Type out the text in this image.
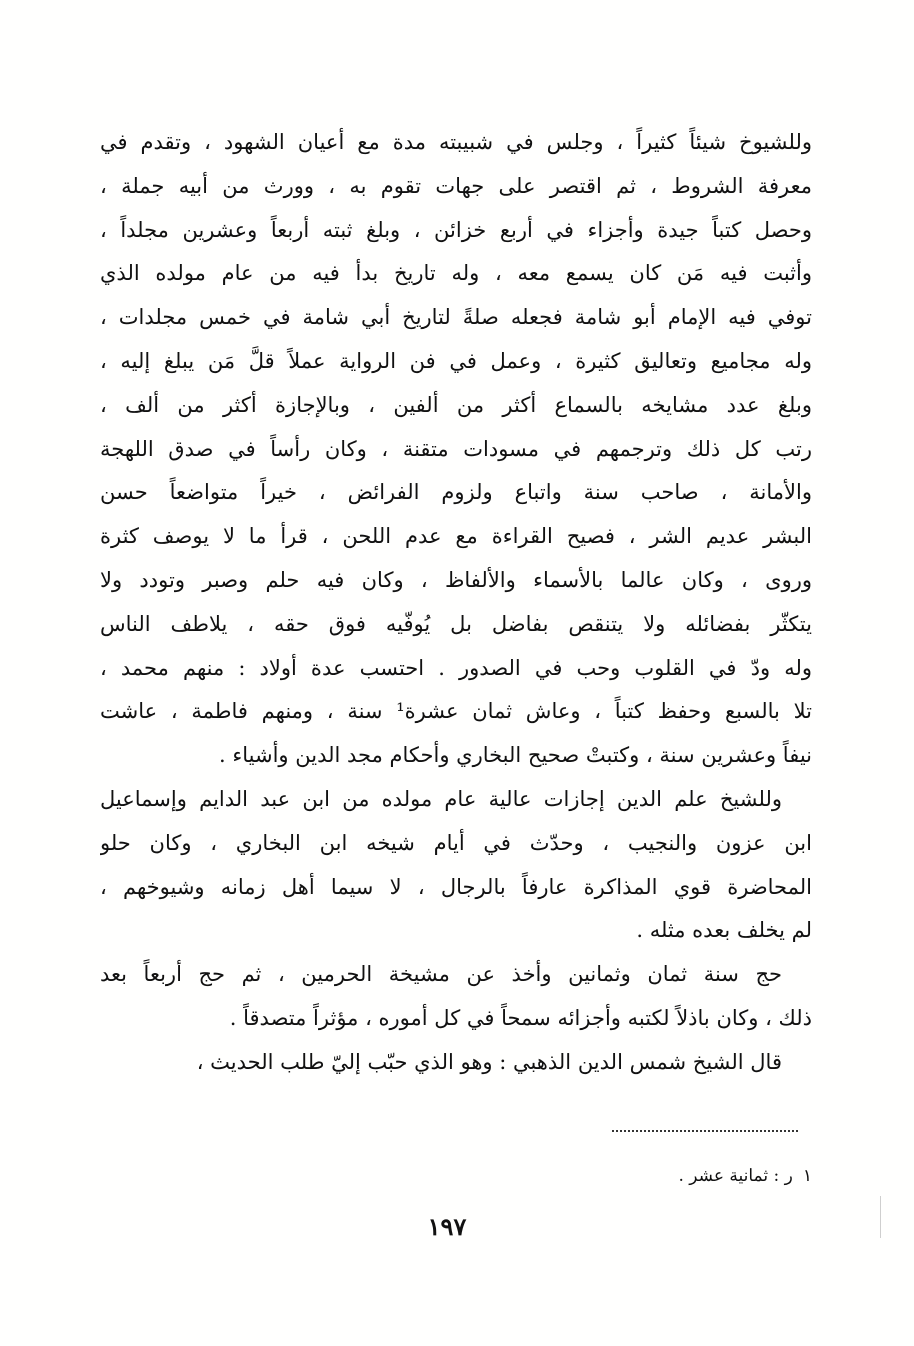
وللشيوخ شيئاً كثيراً ، وجلس في شبيبته مدة مع أعيان الشهود ، وتقدم في
معرفة الشروط ، ثم اقتصر على جهات تقوم به ، وورث من أبيه جملة ،
وحصل كتباً جيدة وأجزاء في أربع خزائن ، وبلغ ثبته أربعاً وعشرين مجلداً ،
وأثبت فيه مَن كان يسمع معه ، وله تاريخ بدأ فيه من عام مولده الذي
توفي فيه الإمام أبو شامة فجعله صلةً لتاريخ أبي شامة في خمس مجلدات ،
وله مجاميع وتعاليق كثيرة ، وعمل في فن الرواية عملاً قلَّ مَن يبلغ إليه ،
وبلغ عدد مشايخه بالسماع أكثر من ألفين ، وبالإجازة أكثر من ألف ،
رتب كل ذلك وترجمهم في مسودات متقنة ، وكان رأساً في صدق اللهجة
والأمانة ، صاحب سنة واتباع ولزوم الفرائض ، خيراً متواضعاً حسن
البشر عديم الشر ، فصيح القراءة مع عدم اللحن ، قرأ ما لا يوصف كثرة
وروى ، وكان عالما بالأسماء والألفاظ ، وكان فيه حلم وصبر وتودد ولا
يتكثّر بفضائله ولا يتنقص بفاضل بل يُوفّيه فوق حقه ، يلاطف الناس
وله ودّ في القلوب وحب في الصدور . احتسب عدة أولاد : منهم محمد ،
تلا بالسبع وحفظ كتباً ، وعاش ثمان عشرة¹ سنة ، ومنهم فاطمة ، عاشت
نيفاً وعشرين سنة ، وكتبتْ صحيح البخاري وأحكام مجد الدين وأشياء .
وللشيخ علم الدين إجازات عالية عام مولده من ابن عبد الدايم وإسماعيل
ابن عزون والنجيب ، وحدّث في أيام شيخه ابن البخاري ، وكان حلو
المحاضرة قوي المذاكرة عارفاً بالرجال ، لا سيما أهل زمانه وشيوخهم ،
لم يخلف بعده مثله .
حج سنة ثمان وثمانين وأخذ عن مشيخة الحرمين ، ثم حج أربعاً بعد
ذلك ، وكان باذلاً لكتبه وأجزائه سمحاً في كل أموره ، مؤثراً متصدقاً .
قال الشيخ شمس الدين الذهبي : وهو الذي حبّب إليّ طلب الحديث ،
١ر : ثمانية عشر .
١٩٧
